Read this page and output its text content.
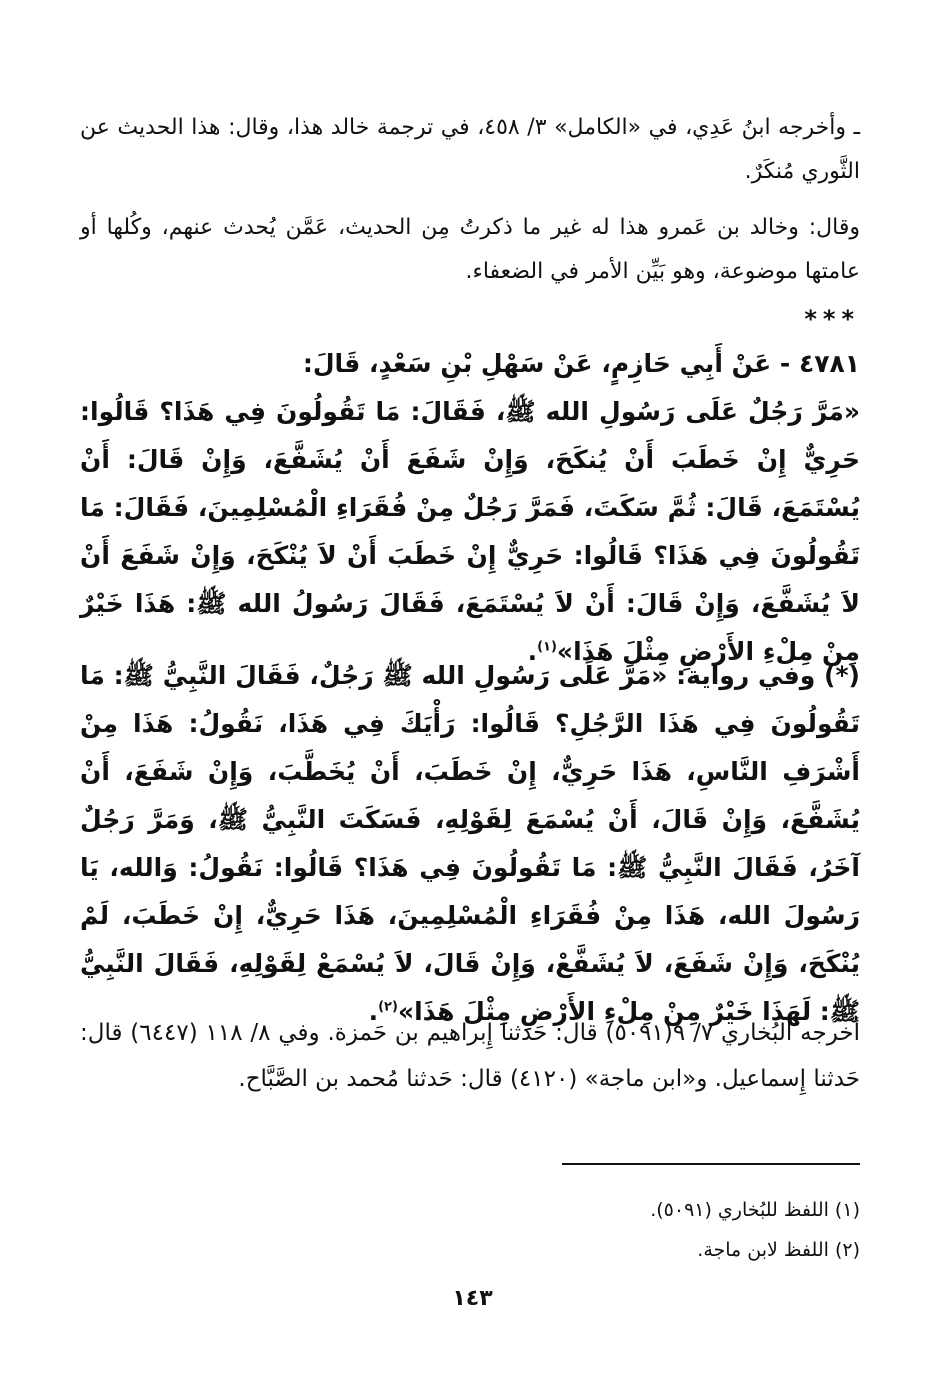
ـ وأخرجه ابنُ عَدِي، في «الكامل» ٣/ ٤٥٨، في ترجمة خالد هذا، وقال: هذا الحديث عن الثَّوري مُنكَرٌ.

وقال: وخالد بن عَمرو هذا له غير ما ذكرتُ مِن الحديث، عَمَّن يُحدث عنهم، وكُلها أو عامتها موضوعة، وهو بَيِّن الأمر في الضعفاء.

***

٤٧٨١ - عَنْ أَبِي حَازِمٍ، عَنْ سَهْلِ بْنِ سَعْدٍ، قَالَ:

«مَرَّ رَجُلٌ عَلَى رَسُولِ الله ﷺ، فَقَالَ: مَا تَقُولُونَ فِي هَذَا؟ قَالُوا: حَرِيٌّ إِنْ خَطَبَ أَنْ يُنكَحَ، وَإِنْ شَفَعَ أَنْ يُشَفَّعَ، وَإِنْ قَالَ: أَنْ يُسْتَمَعَ، قَالَ: ثُمَّ سَكَتَ، فَمَرَّ رَجُلٌ مِنْ فُقَرَاءِ الْمُسْلِمِينَ، فَقَالَ: مَا تَقُولُونَ فِي هَذَا؟ قَالُوا: حَرِيٌّ إِنْ خَطَبَ أَنْ لاَ يُنْكَحَ، وَإِنْ شَفَعَ أَنْ لاَ يُشَفَّعَ، وَإِنْ قَالَ: أَنْ لاَ يُسْتَمَعَ، فَقَالَ رَسُولُ الله ﷺ: هَذَا خَيْرٌ مِنْ مِلْءِ الأَرْضِ مِثْلَ هَذَا»$^{(١)}$.

(*) وفي رواية: «مَرَّ عَلَى رَسُولِ الله ﷺ رَجُلٌ، فَقَالَ النَّبِيُّ ﷺ: مَا تَقُولُونَ فِي هَذَا الرَّجُلِ؟ قَالُوا: رَأْيَكَ فِي هَذَا، نَقُولُ: هَذَا مِنْ أَشْرَفِ النَّاسِ، هَذَا حَرِيٌّ، إِنْ خَطَبَ، أَنْ يُخَطَّبَ، وَإِنْ شَفَعَ، أَنْ يُشَفَّعَ، وَإِنْ قَالَ، أَنْ يُسْمَعَ لِقَوْلِهِ، فَسَكَتَ النَّبِيُّ ﷺ، وَمَرَّ رَجُلٌ آخَرُ، فَقَالَ النَّبِيُّ ﷺ: مَا تَقُولُونَ فِي هَذَا؟ قَالُوا: نَقُولُ: وَالله، يَا رَسُولَ الله، هَذَا مِنْ فُقَرَاءِ الْمُسْلِمِينَ، هَذَا حَرِيٌّ، إِنْ خَطَبَ، لَمْ يُنْكَحَ، وَإِنْ شَفَعَ، لاَ يُشَفَّعْ، وَإِنْ قَالَ، لاَ يُسْمَعْ لِقَوْلِهِ، فَقَالَ النَّبِيُّ ﷺ: لَهَذَا خَيْرٌ مِنْ مِلْءِ الأَرْضِ مِثْلَ هَذَا»$^{(٢)}$.

أخرجه البُخاري ٧/ ٩(٥٠٩١) قال: حَدثنا إِبراهيم بن حَمزة. وفي ٨/ ١١٨ (٦٤٤٧) قال: حَدثنا إِسماعيل. و«ابن ماجة» (٤١٢٠) قال: حَدثنا مُحمد بن الصَّبَّاح.

(١) اللفظ للبُخاري (٥٠٩١).

(٢) اللفظ لابن ماجة.

١٤٣
